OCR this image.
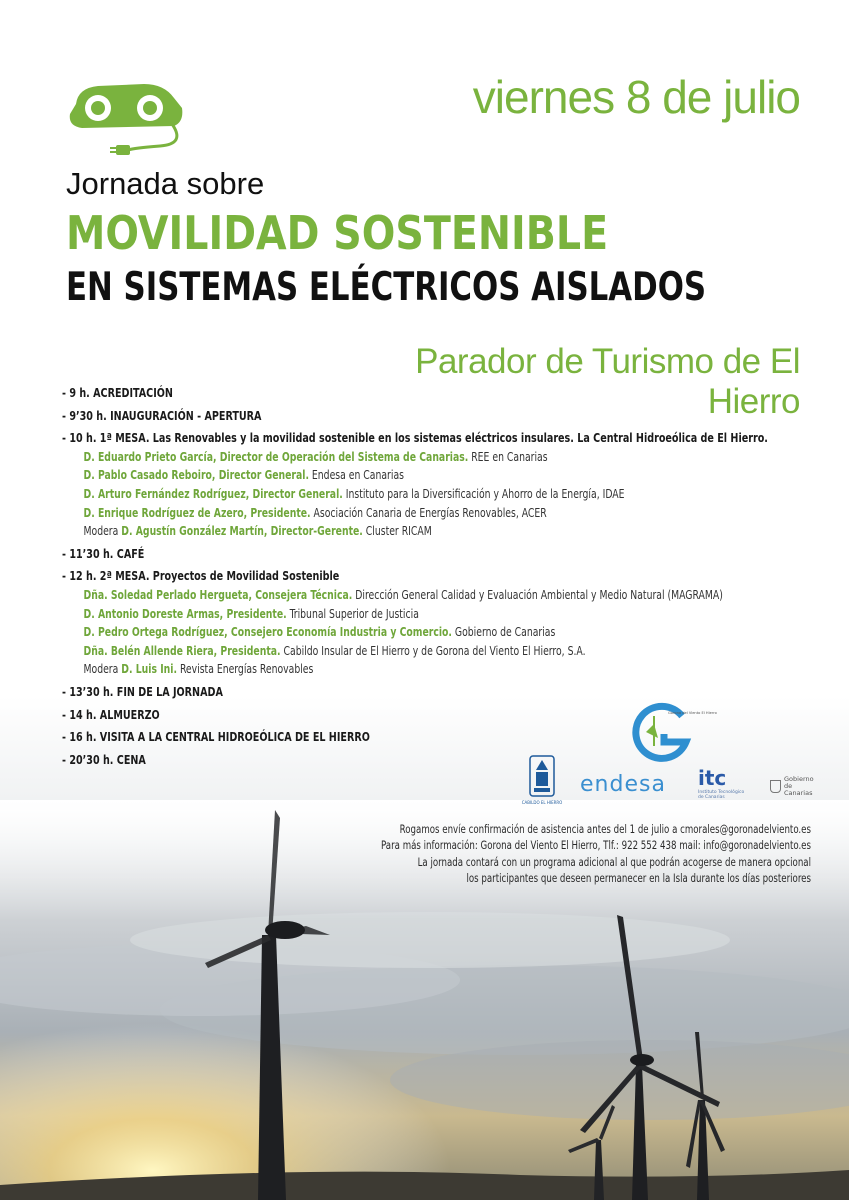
viernes 8 de julio
Jornada sobre
MOVILIDAD SOSTENIBLE
EN SISTEMAS ELÉCTRICOS AISLADOS
Parador de Turismo de El Hierro
- 9 h. ACREDITACIÓN
- 9’30 h. INAUGURACIÓN - APERTURA
- 10 h. 1ª MESA. Las Renovables y la movilidad sostenible en los sistemas eléctricos insulares. La Central Hidroeólica de El Hierro.
D. Eduardo Prieto García, Director de Operación del Sistema de Canarias. REE en Canarias
D. Pablo Casado Reboiro, Director General. Endesa en Canarias
D. Arturo Fernández Rodríguez, Director General. Instituto para la Diversificación y Ahorro de la Energía, IDAE
D. Enrique Rodríguez de Azero, Presidente. Asociación Canaria de Energías Renovables, ACER
Modera D. Agustín González Martín, Director-Gerente. Cluster RICAM
- 11’30 h. CAFÉ
- 12 h. 2ª MESA. Proyectos de Movilidad Sostenible
Dña. Soledad Perlado Hergueta, Consejera Técnica. Dirección General Calidad y Evaluación Ambiental y Medio Natural (MAGRAMA)
D. Antonio Doreste Armas, Presidente. Tribunal Superior de Justicia
D. Pedro Ortega Rodríguez, Consejero Economía Industria y Comercio. Gobierno de Canarias
Dña. Belén Allende Riera, Presidenta. Cabildo Insular de El Hierro y de Gorona del Viento El Hierro, S.A.
Modera D. Luis Ini. Revista Energías Renovables
- 13’30 h. FIN DE LA JORNADA
- 14 h. ALMUERZO
- 16 h. VISITA A LA CENTRAL HIDROEÓLICA DE EL HIERRO
- 20’30 h. CENA
Gorona del Viento El Hierro
CABILDO EL HIERRO
endesa itc
Instituto Tecnológico de Canarias
Gobierno de Canarias
Rogamos envíe confirmación de asistencia antes del 1 de julio a cmorales@goronadelviento.es
Para más información: Gorona del Viento El Hierro, Tlf.: 922 552 438 mail: info@goronadelviento.es
La jornada contará con un programa adicional al que podrán acogerse de manera opcional
los participantes que deseen permanecer en la Isla durante los días posteriores
